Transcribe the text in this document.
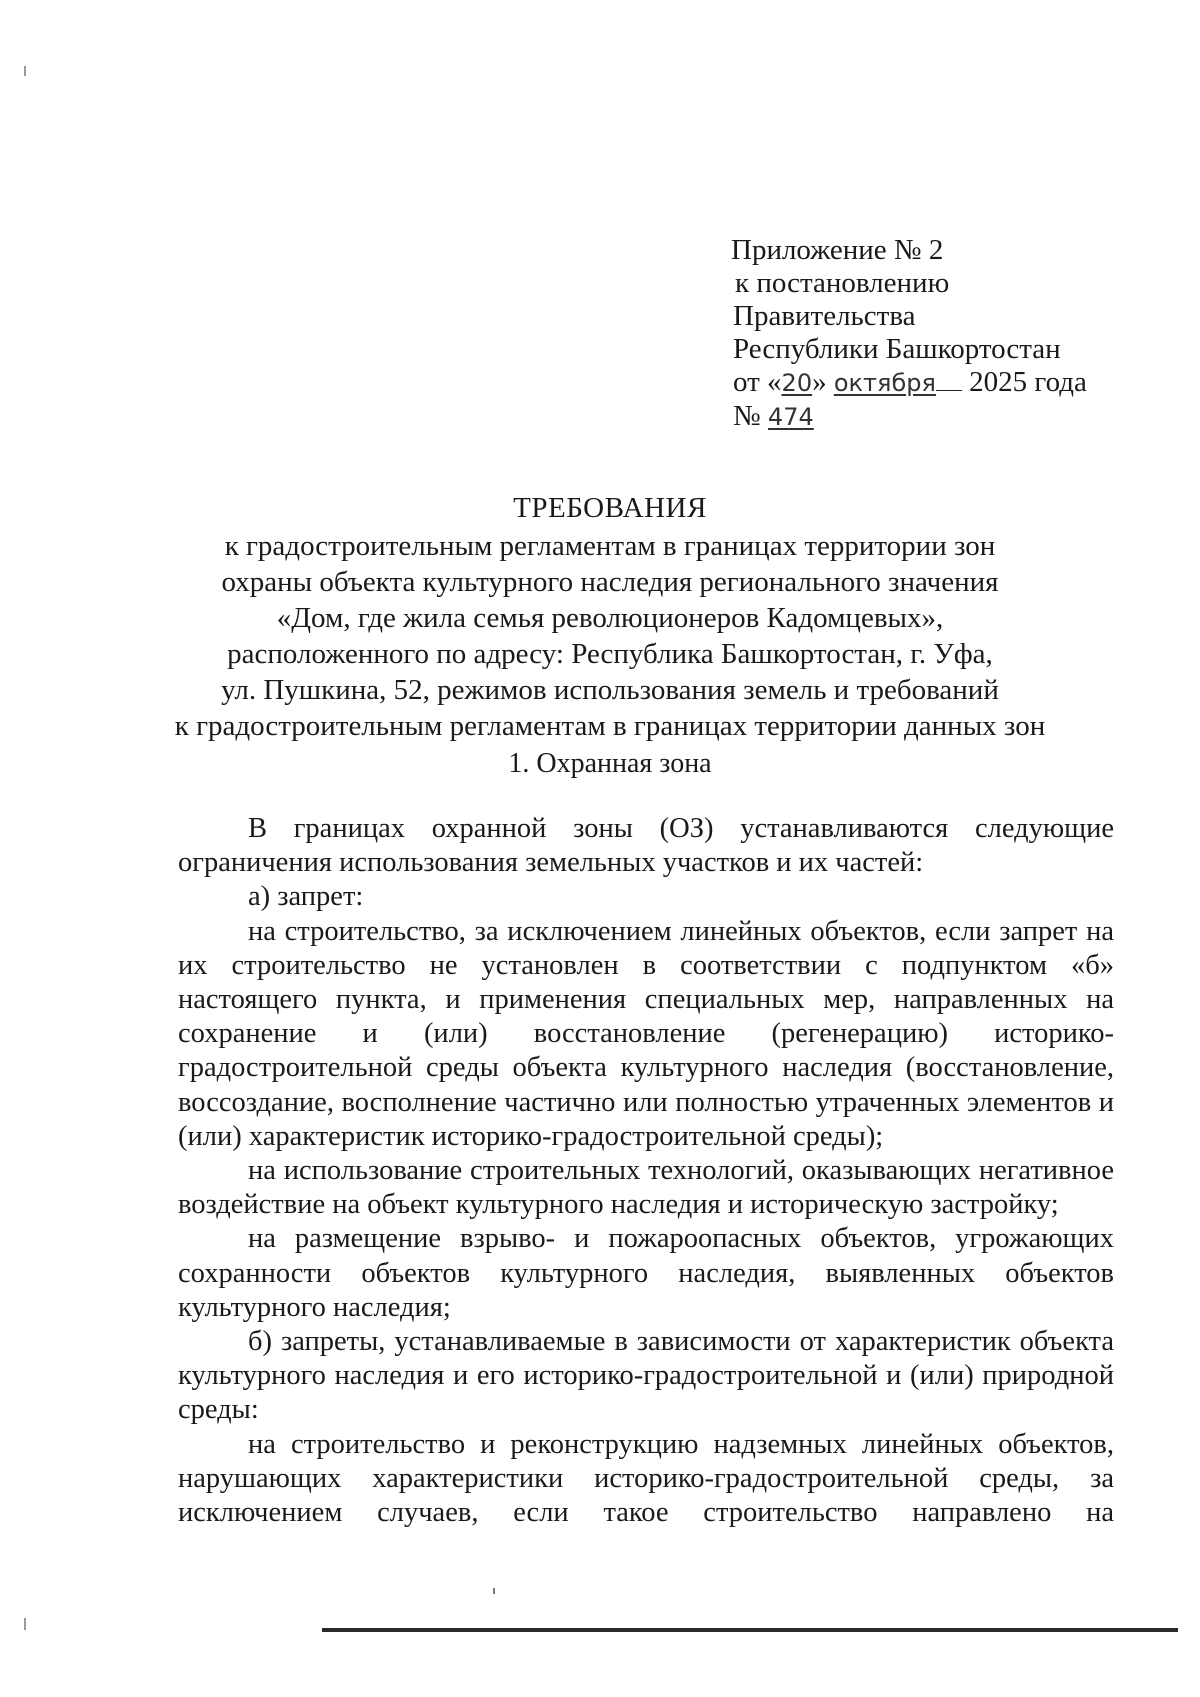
Приложение № 2
к постановлению
Правительства
Республики Башкортостан
от «20» октября 2025 года
№ 474
ТРЕБОВАНИЯ
к градостроительным регламентам в границах территории зон
охраны объекта культурного наследия регионального значения
«Дом, где жила семья революционеров Кадомцевых»,
расположенного по адресу: Республика Башкортостан, г. Уфа,
ул. Пушкина, 52, режимов использования земель и требований
к градостроительным регламентам в границах территории данных зон
1. Охранная зона

В границах охранной зоны (ОЗ) устанавливаются следующие ограничения использования земельных участков и их частей:

а) запрет:

на строительство, за исключением линейных объектов, если запрет на их строительство не установлен в соответствии с подпунктом «б» настоящего пункта, и применения специальных мер, направленных на сохранение и (или) восстановление (регенерацию) историко-градостроительной среды объекта культурного наследия (восстановление, воссоздание, восполнение частично или полностью утраченных элементов и (или) характеристик историко-градостроительной среды);

на использование строительных технологий, оказывающих негативное воздействие на объект культурного наследия и историческую застройку;

на размещение взрыво- и пожароопасных объектов, угрожающих сохранности объектов культурного наследия, выявленных объектов культурного наследия;

б) запреты, устанавливаемые в зависимости от характеристик объекта культурного наследия и его историко-градостроительной и (или) природной среды:

на строительство и реконструкцию надземных линейных объектов, нарушающих характеристики историко-градостроительной среды, за исключением случаев, если такое строительство направлено на
